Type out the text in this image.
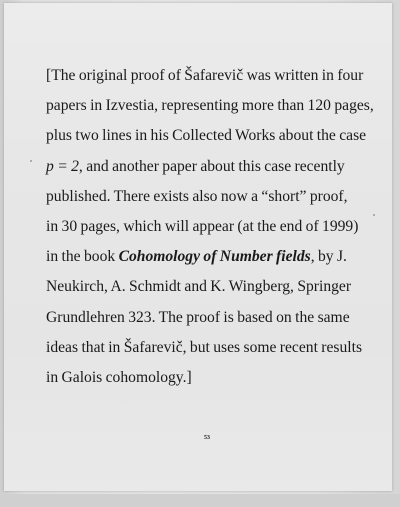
[The original proof of Šafarevič was written in four
papers in Izvestia, representing more than 120 pages,
plus two lines in his Collected Works about the case
p = 2, and another paper about this case recently
published. There exists also now a “short” proof,
in 30 pages, which will appear (at the end of 1999)
in the book Cohomology of Number fields, by J.
Neukirch, A. Schmidt and K. Wingberg, Springer
Grundlehren 323. The proof is based on the same
ideas that in Šafarevič, but uses some recent results
in Galois cohomology.]
53
